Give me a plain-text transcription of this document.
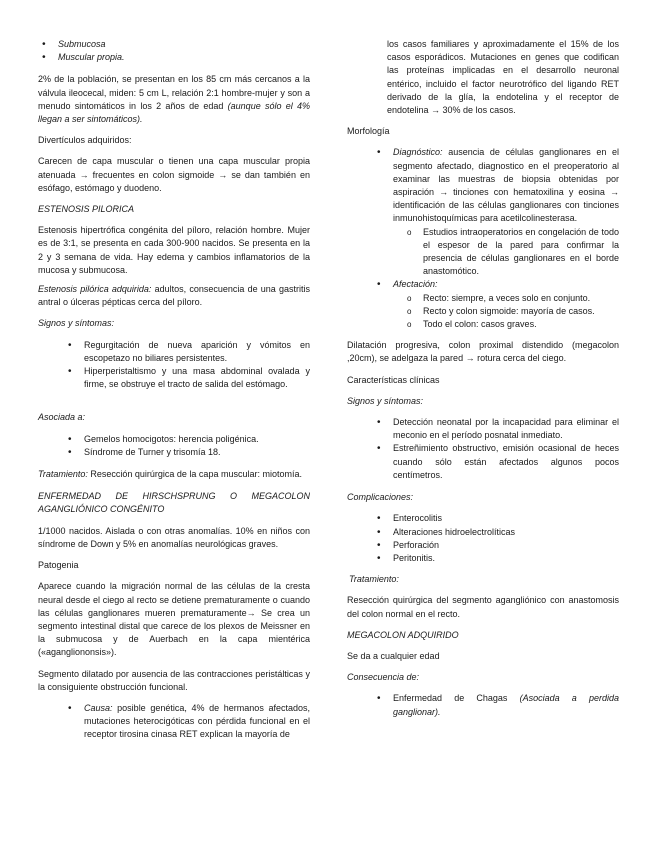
• Submucosa
• Muscular propia.

2% de la población, se presentan en los 85 cm más cercanos a la válvula ileocecal, miden: 5 cm L, relación 2:1 hombre-mujer y son a menudo sintomáticos in los 2 años de edad (aunque sólo el 4% llegan a ser sintomáticos).

Divertículos adquiridos:

Carecen de capa muscular o tienen una capa muscular propia atenuada → frecuentes en colon sigmoide → se dan también en esófago, estómago y duodeno.

ESTENOSIS PILORICA

Estenosis hipertrófica congénita del píloro, relación hombre. Mujer es de 3:1, se presenta en cada 300-900 nacidos. Se presenta en la 2 y 3 semana de vida. Hay edema y cambios inflamatorios de la mucosa y submucosa.

Estenosis pilórica adquirida: adultos, consecuencia de una gastritis antral o úlceras pépticas cerca del píloro.

Signos y síntomas:

• Regurgitación de nueva aparición y vómitos en escopetazo no biliares persistentes.
• Hiperperistaltismo y una masa abdominal ovalada y firme, se obstruye el tracto de salida del estómago.

Asociada a:

• Gemelos homocigotos: herencia poligénica.
• Síndrome de Turner y trisomía 18.

Tratamiento: Resección quirúrgica de la capa muscular: miotomía.

ENFERMEDAD DE HIRSCHSPRUNG O MEGACOLON AGANGLIÓNICO CONGÉNITO

1/1000 nacidos. Aislada o con otras anomalías. 10% en niños con síndrome de Down y 5% en anomalías neurológicas graves.

Patogenia

Aparece cuando la migración normal de las células de la cresta neural desde el ciego al recto se detiene prematuramente o cuando las células ganglionares mueren prematuramente→ Se crea un segmento intestinal distal que carece de los plexos de Meissner en la submucosa y de Auerbach en la capa mientérica («agangliononsis»).

Segmento dilatado por ausencia de las contracciones peristálticas y la consiguiente obstrucción funcional.

• Causa: posible genética, 4% de hermanos afectados, mutaciones heterocigóticas con pérdida funcional en el receptor tirosina cinasa RET explican la mayoría de

los casos familiares y aproximadamente el 15% de los casos esporádicos. Mutaciones en genes que codifican las proteínas implicadas en el desarrollo neuronal entérico, incluido el factor neurotrófico del ligando RET derivado de la glía, la endotelina y el receptor de endotelina → 30% de los casos.

Morfología

• Diagnóstico: ausencia de células ganglionares en el segmento afectado, diagnostico en el preoperatorio al examinar las muestras de biopsia obtenidas por aspiración → tinciones con hematoxilina y eosina → identificación de las células ganglionares con tinciones inmunohistoquímicas para acetilcolinesterasa.
o Estudios intraoperatorios en congelación de todo el espesor de la pared para confirmar la presencia de células ganglionares en el borde anastomótico.
• Afectación:
o Recto: siempre, a veces solo en conjunto.
o Recto y colon sigmoide: mayoría de casos.
o Todo el colon: casos graves.

Dilatación progresiva, colon proximal distendido (megacolon ,20cm), se adelgaza la pared → rotura cerca del ciego.

Características clínicas

Signos y síntomas:

• Detección neonatal por la incapacidad para eliminar el meconio en el período posnatal inmediato.
• Estreñimiento obstructivo, emisión ocasional de heces cuando sólo están afectados algunos pocos centímetros.

Complicaciones:

• Enterocolitis
• Alteraciones hidroelectrolíticas
• Perforación
• Peritonitis.

Tratamiento:

Resección quirúrgica del segmento agangliónico con anastomosis del colon normal en el recto.

MEGACOLON ADQUIRIDO

Se da a cualquier edad

Consecuencia de:

• Enfermedad de Chagas (Asociada a perdida ganglionar).
